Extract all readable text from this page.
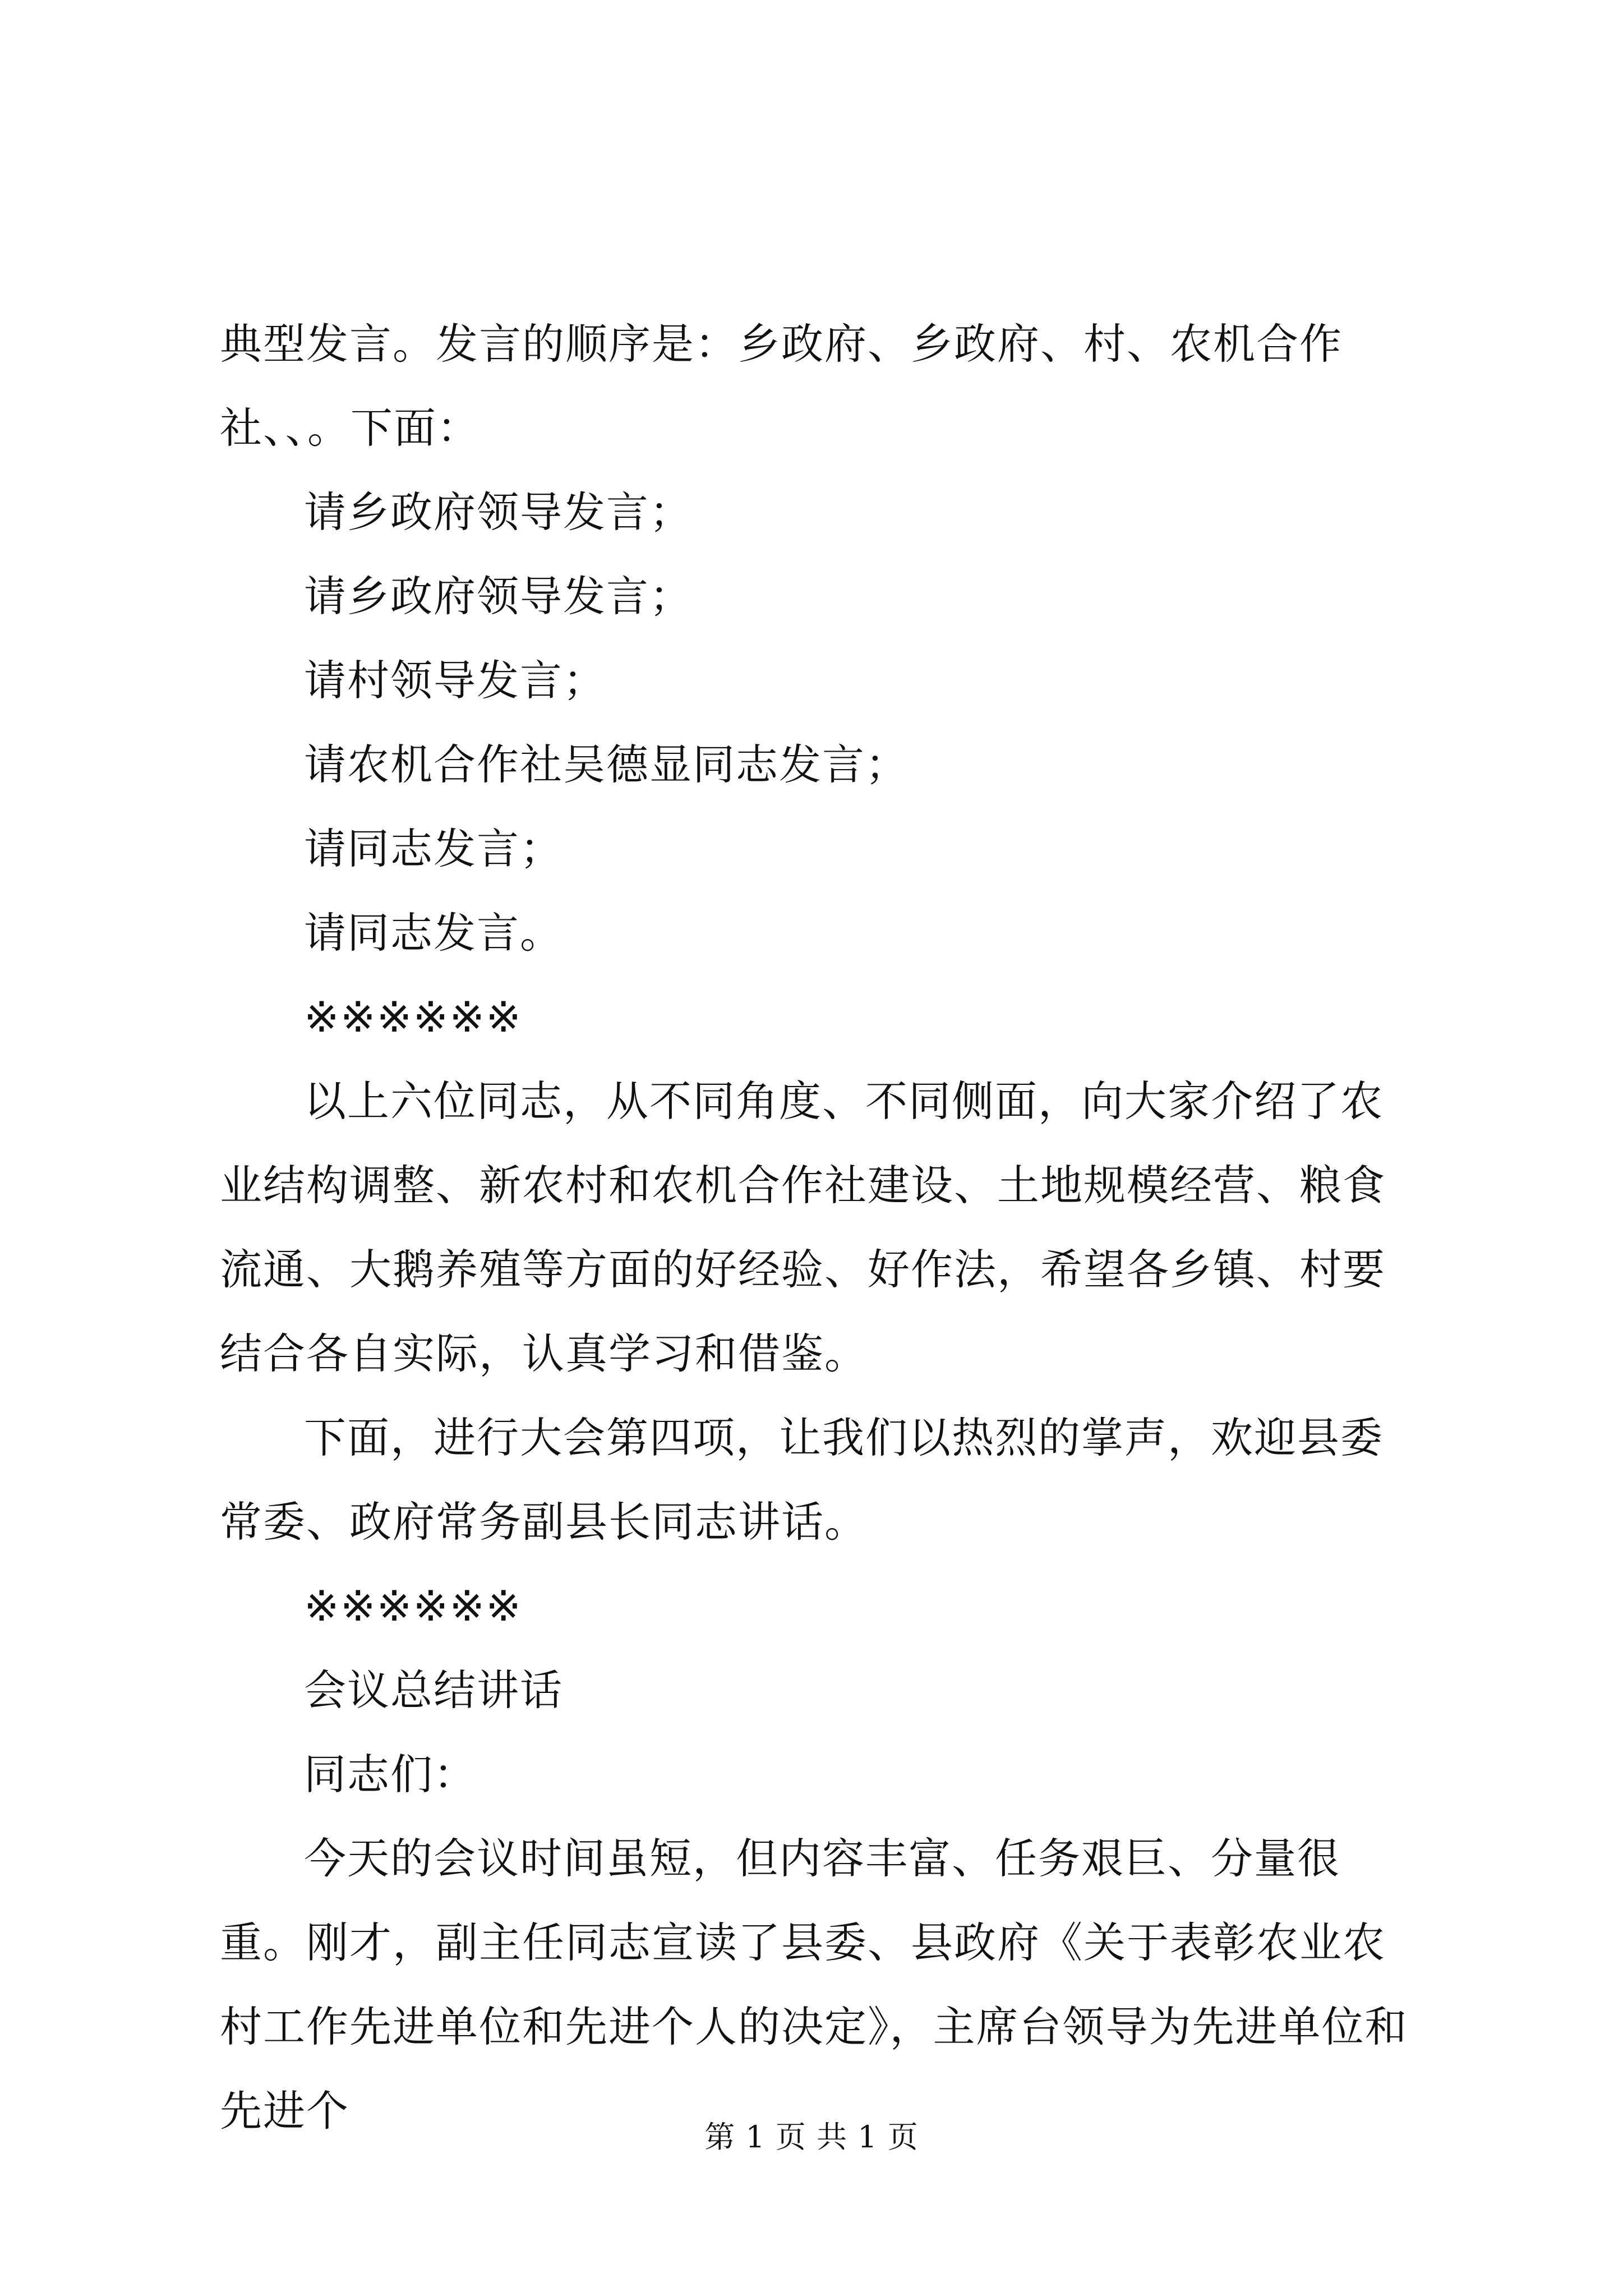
典型发言。发言的顺序是：乡政府、乡政府、村、农机合作社、、。下面：

请乡政府领导发言；

请乡政府领导发言；

请村领导发言；

请农机合作社吴德显同志发言；

请同志发言；

请同志发言。

※※※※※※

以上六位同志，从不同角度、不同侧面，向大家介绍了农业结构调整、新农村和农机合作社建设、土地规模经营、粮食流通、大鹅养殖等方面的好经验、好作法，希望各乡镇、村要结合各自实际，认真学习和借鉴。

下面，进行大会第四项，让我们以热烈的掌声，欢迎县委常委、政府常务副县长同志讲话。

※※※※※※

会议总结讲话

同志们：

今天的会议时间虽短，但内容丰富、任务艰巨、分量很重。刚才，副主任同志宣读了县委、县政府《关于表彰农业农村工作先进单位和先进个人的决定》，主席台领导为先进单位和先进个

第 1 页 共 1 页
